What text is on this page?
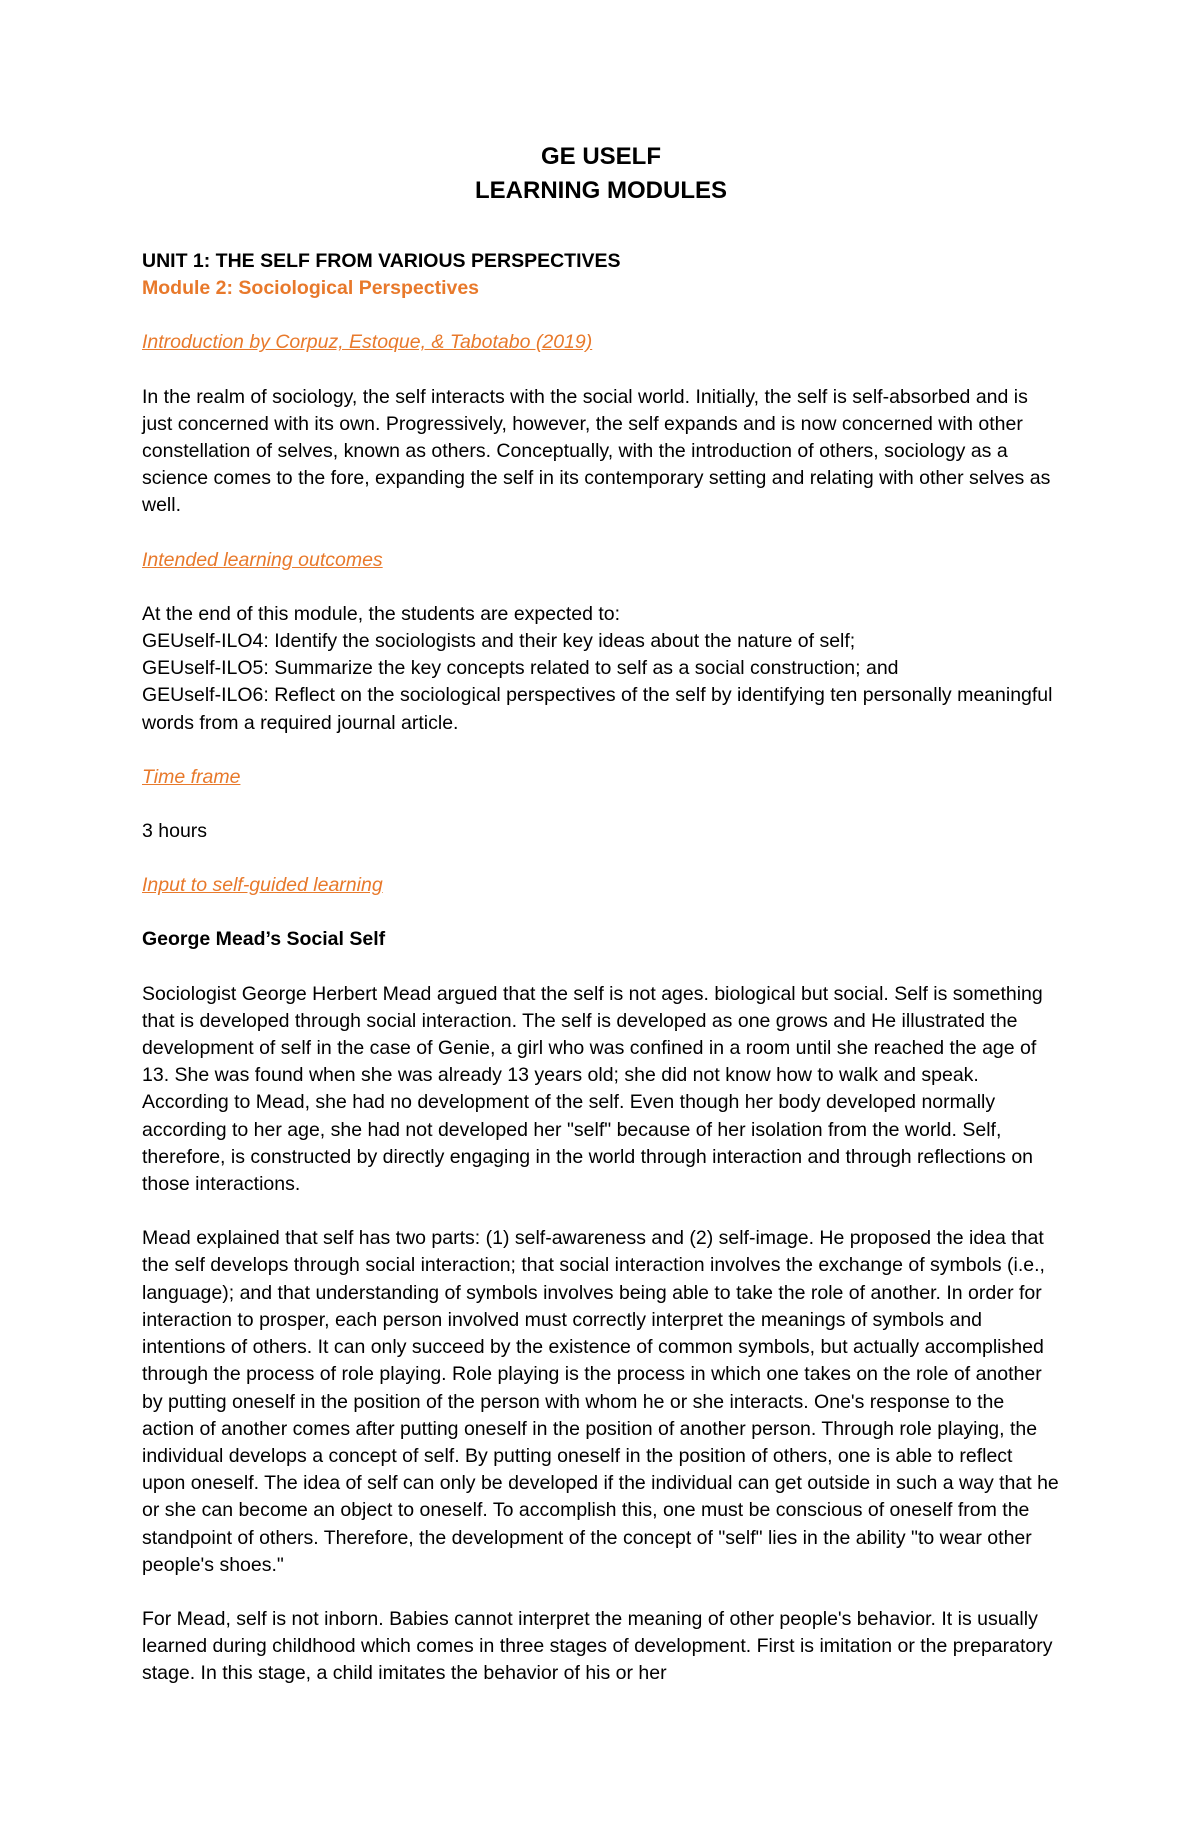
GE USELF
LEARNING MODULES
UNIT 1: THE SELF FROM VARIOUS PERSPECTIVES
Module 2: Sociological Perspectives
Introduction by Corpuz, Estoque, & Tabotabo (2019)

In the realm of sociology, the self interacts with the social world. Initially, the self is self-absorbed and is just concerned with its own. Progressively, however, the self expands and is now concerned with other constellation of selves, known as others. Conceptually, with the introduction of others, sociology as a science comes to the fore, expanding the self in its contemporary setting and relating with other selves as well.

Intended learning outcomes

At the end of this module, the students are expected to:

GEUself-ILO4: Identify the sociologists and their key ideas about the nature of self;

GEUself-ILO5: Summarize the key concepts related to self as a social construction; and

GEUself-ILO6: Reflect on the sociological perspectives of the self by identifying ten personally meaningful words from a required journal article.

Time frame

3 hours

Input to self-guided learning

George Mead’s Social Self

Sociologist George Herbert Mead argued that the self is not ages. biological but social. Self is something that is developed through social interaction. The self is developed as one grows and He illustrated the development of self in the case of Genie, a girl who was confined in a room until she reached the age of 13. She was found when she was already 13 years old; she did not know how to walk and speak. According to Mead, she had no development of the self. Even though her body developed normally according to her age, she had not developed her "self" because of her isolation from the world. Self, therefore, is constructed by directly engaging in the world through interaction and through reflections on those interactions.

Mead explained that self has two parts: (1) self-awareness and (2) self-image. He proposed the idea that the self develops through social interaction; that social interaction involves the exchange of symbols (i.e., language); and that understanding of symbols involves being able to take the role of another. In order for interaction to prosper, each person involved must correctly interpret the meanings of symbols and intentions of others. It can only succeed by the existence of common symbols, but actually accomplished through the process of role playing. Role playing is the process in which one takes on the role of another by putting oneself in the position of the person with whom he or she interacts. One's response to the action of another comes after putting oneself in the position of another person. Through role playing, the individual develops a concept of self. By putting oneself in the position of others, one is able to reflect upon oneself. The idea of self can only be developed if the individual can get outside in such a way that he or she can become an object to oneself. To accomplish this, one must be conscious of oneself from the standpoint of others. Therefore, the development of the concept of "self" lies in the ability "to wear other people's shoes."

For Mead, self is not inborn. Babies cannot interpret the meaning of other people's behavior. It is usually learned during childhood which comes in three stages of development. First is imitation or the preparatory stage. In this stage, a child imitates the behavior of his or her
